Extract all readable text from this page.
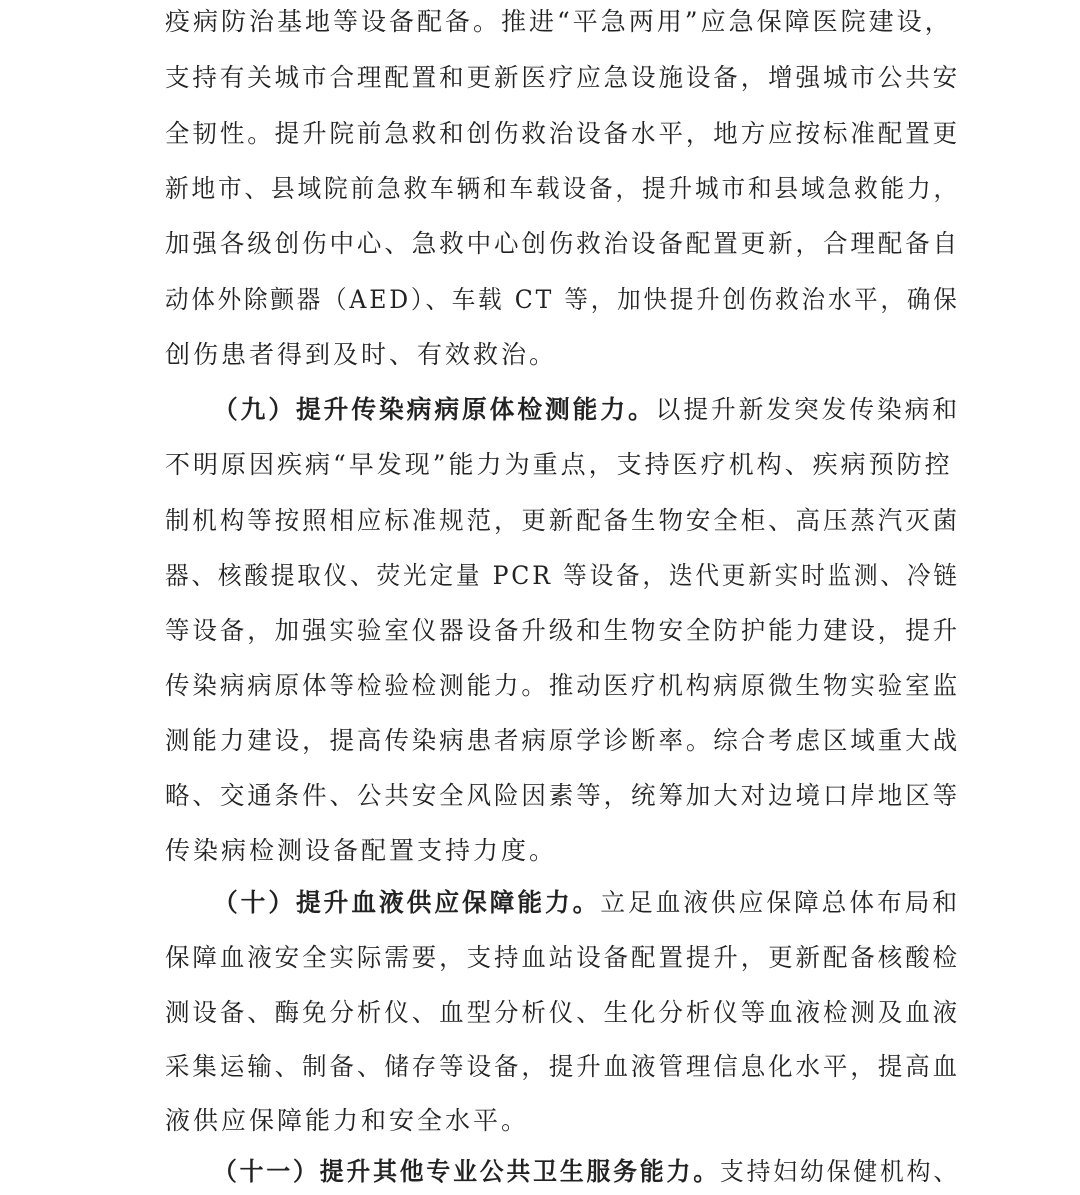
疫病防治基地等设备配备。推进“平急两用”应急保障医院建设，
支持有关城市合理配置和更新医疗应急设施设备，增强城市公共安
全韧性。提升院前急救和创伤救治设备水平，地方应按标准配置更
新地市、县域院前急救车辆和车载设备，提升城市和县域急救能力，
加强各级创伤中心、急救中心创伤救治设备配置更新，合理配备自
动体外除颤器（AED）、车载 CT 等，加快提升创伤救治水平，确保
创伤患者得到及时、有效救治。
（九）提升传染病病原体检测能力。以提升新发突发传染病和
不明原因疾病“早发现”能力为重点，支持医疗机构、疾病预防控
制机构等按照相应标准规范，更新配备生物安全柜、高压蒸汽灭菌
器、核酸提取仪、荧光定量 PCR 等设备，迭代更新实时监测、冷链
等设备，加强实验室仪器设备升级和生物安全防护能力建设，提升
传染病病原体等检验检测能力。推动医疗机构病原微生物实验室监
测能力建设，提高传染病患者病原学诊断率。综合考虑区域重大战
略、交通条件、公共安全风险因素等，统筹加大对边境口岸地区等
传染病检测设备配置支持力度。
（十）提升血液供应保障能力。立足血液供应保障总体布局和
保障血液安全实际需要，支持血站设备配置提升，更新配备核酸检
测设备、酶免分析仪、血型分析仪、生化分析仪等血液检测及血液
采集运输、制备、储存等设备，提升血液管理信息化水平，提高血
液供应保障能力和安全水平。
（十一）提升其他专业公共卫生服务能力。支持妇幼保健机构、
